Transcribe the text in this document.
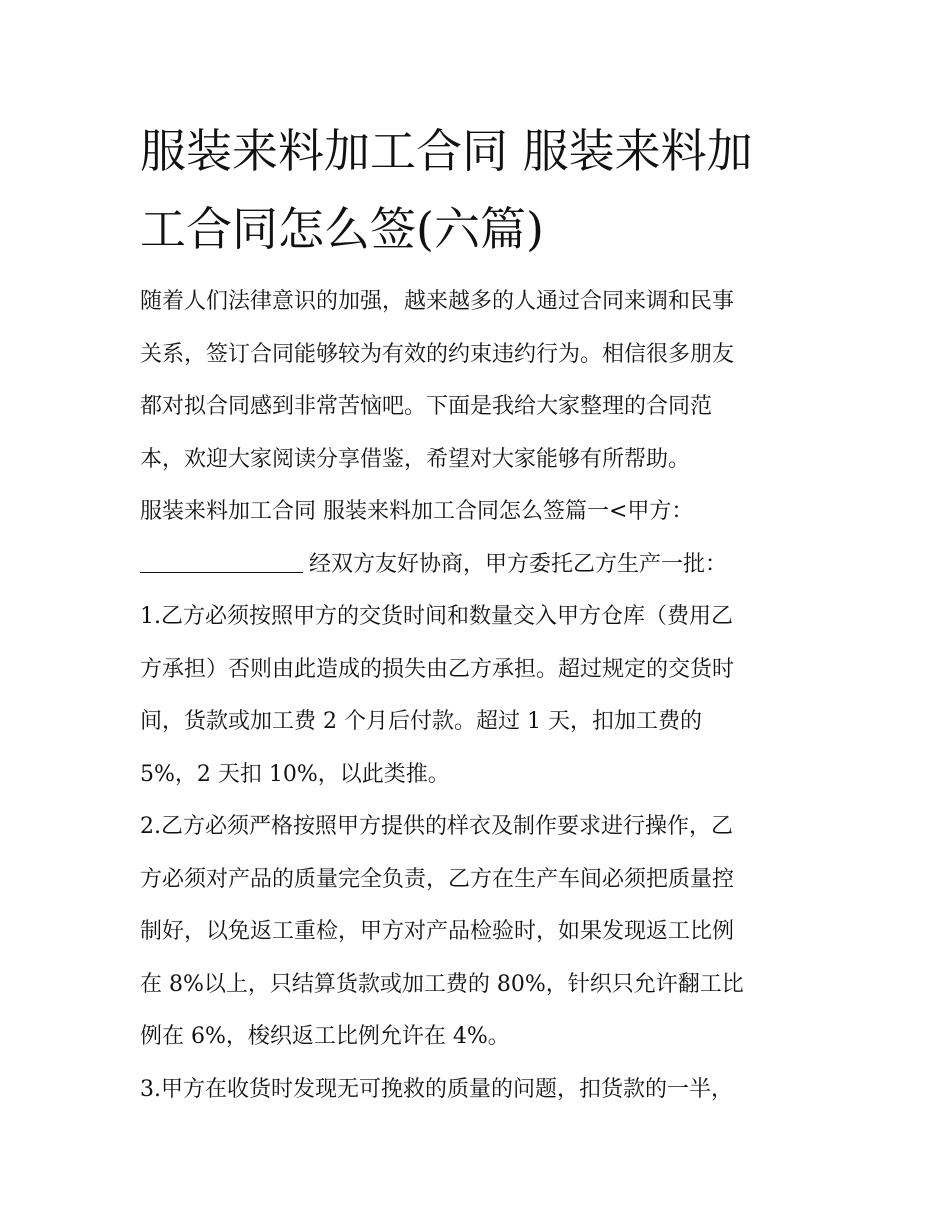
服装来料加工合同 服装来料加
工合同怎么签(六篇)
随着人们法律意识的加强，越来越多的人通过合同来调和民事
关系，签订合同能够较为有效的约束违约行为。相信很多朋友
都对拟合同感到非常苦恼吧。下面是我给大家整理的合同范
本，欢迎大家阅读分享借鉴，希望对大家能够有所帮助。
服装来料加工合同 服装来料加工合同怎么签篇一<甲方：
经双方友好协商，甲方委托乙方生产一批：
1.乙方必须按照甲方的交货时间和数量交入甲方仓库（费用乙
方承担）否则由此造成的损失由乙方承担。超过规定的交货时
间，货款或加工费 2 个月后付款。超过 1 天，扣加工费的
5%，2 天扣 10%，以此类推。
2.乙方必须严格按照甲方提供的样衣及制作要求进行操作，乙
方必须对产品的质量完全负责，乙方在生产车间必须把质量控
制好，以免返工重检，甲方对产品检验时，如果发现返工比例
在 8%以上，只结算货款或加工费的 80%，针织只允许翻工比
例在 6%，梭织返工比例允许在 4%。
3.甲方在收货时发现无可挽救的质量的问题，扣货款的一半，
